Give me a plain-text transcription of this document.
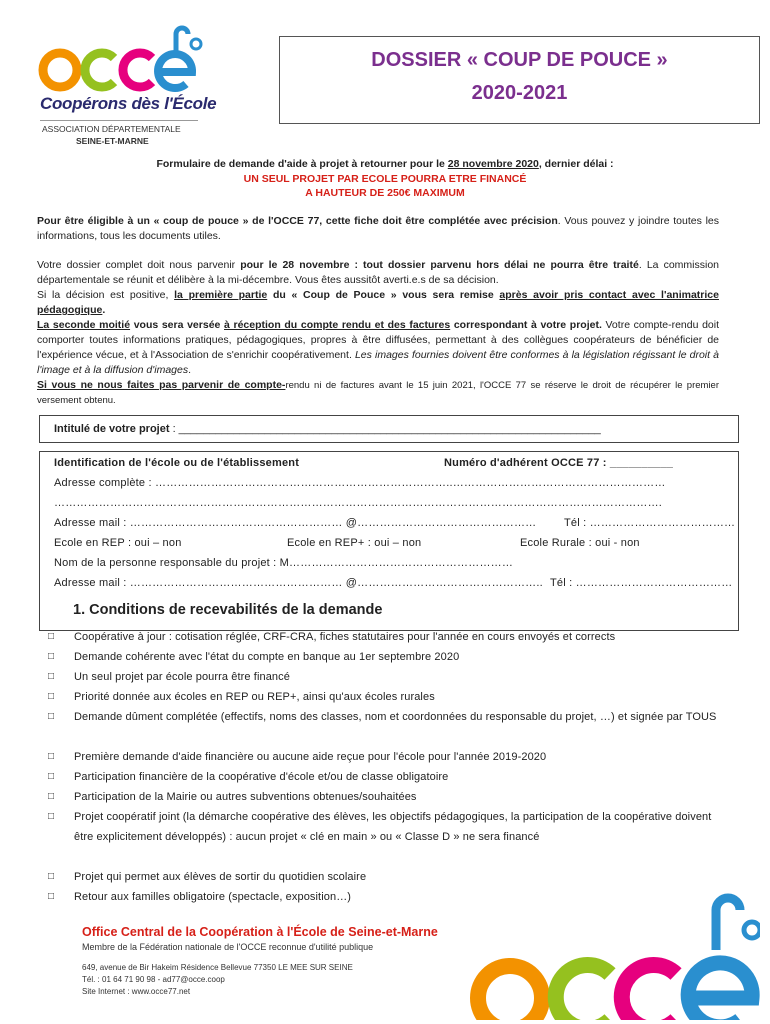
Coopérons dès l'École
ASSOCIATION DÉPARTEMENTALE
SEINE-ET-MARNE
DOSSIER « COUP DE POUCE »
2020-2021
Formulaire de demande d'aide à projet à retourner pour le 28 novembre 2020, dernier délai :
UN SEUL PROJET PAR ECOLE POURRA ETRE FINANCÉ
A HAUTEUR DE 250€ MAXIMUM
Pour être éligible à un « coup de pouce » de l'OCCE 77, cette fiche doit être complétée avec précision. Vous pouvez y joindre toutes les informations, tous les documents utiles.
Votre dossier complet doit nous parvenir pour le 28 novembre : tout dossier parvenu hors délai ne pourra être traité. La commission départementale se réunit et délibère à la mi-décembre. Vous êtes aussitôt averti.e.s de sa décision.
Si la décision est positive, la première partie du « Coup de Pouce » vous sera remise après avoir pris contact avec l'animatrice pédagogique.
La seconde moitié vous sera versée à réception du compte rendu et des factures correspondant à votre projet. Votre compte-rendu doit comporter toutes informations pratiques, pédagogiques, propres à être diffusées, permettant à des collègues coopérateurs de bénéficier de l'expérience vécue, et à l'Association de s'enrichir coopérativement. Les images fournies doivent être conformes à la législation régissant le droit à l'image et à la diffusion d'images.
Si vous ne nous faites pas parvenir de compte-rendu ni de factures avant le 15 juin 2021, l'OCCE 77 se réserve le droit de récupérer le premier versement obtenu.
Intitulé de votre projet : _____________________________________________________________________
Identification de l'école ou de l'établissement	Numéro d'adhérent OCCE 77 : __________
Adresse complète : ……………………………………………………………………..…………………………………………………
……………………………………………………………………………………………………………………………………………….
Adresse mail : ………………………………………………… @…………………………………………	Tél : …………………………………
Ecole en REP : oui – non	Ecole en REP+ : oui – non	Ecole Rurale : oui - non
Nom de la personne responsable du projet : M……………………………………………………
Adresse mail : ………………………………………………… @………………………………………….. Tél : ……………………………………
1. Conditions de recevabilités de la demande
□ Coopérative à jour : cotisation réglée, CRF-CRA, fiches statutaires pour l'année en cours envoyés et corrects
□ Demande cohérente avec l'état du compte en banque au 1er septembre 2020
□ Un seul projet par école pourra être financé
□ Priorité donnée aux écoles en REP ou REP+, ainsi qu'aux écoles rurales
□ Demande dûment complétée (effectifs, noms des classes, nom et coordonnées du responsable du projet, …) et signée par TOUS
□ Première demande d'aide financière ou aucune aide reçue pour l'école pour l'année 2019-2020
□ Participation financière de la coopérative d'école et/ou de classe obligatoire
□ Participation de la Mairie ou autres subventions obtenues/souhaitées
□ Projet coopératif joint (la démarche coopérative des élèves, les objectifs pédagogiques, la participation de la coopérative doivent être explicitement développés) : aucun projet « clé en main » ou « Classe D » ne sera financé
□ Projet qui permet aux élèves de sortir du quotidien scolaire
□ Retour aux familles obligatoire (spectacle, exposition…)
Office Central de la Coopération à l'École de Seine-et-Marne
Membre de la Fédération nationale de l'OCCE reconnue d'utilité publique
649, avenue de Bir Hakeim Résidence Bellevue 77350 LE MEE SUR SEINE
Tél. : 01 64 71 90 98 - ad77@occe.coop
Site Internet : www.occe77.net
